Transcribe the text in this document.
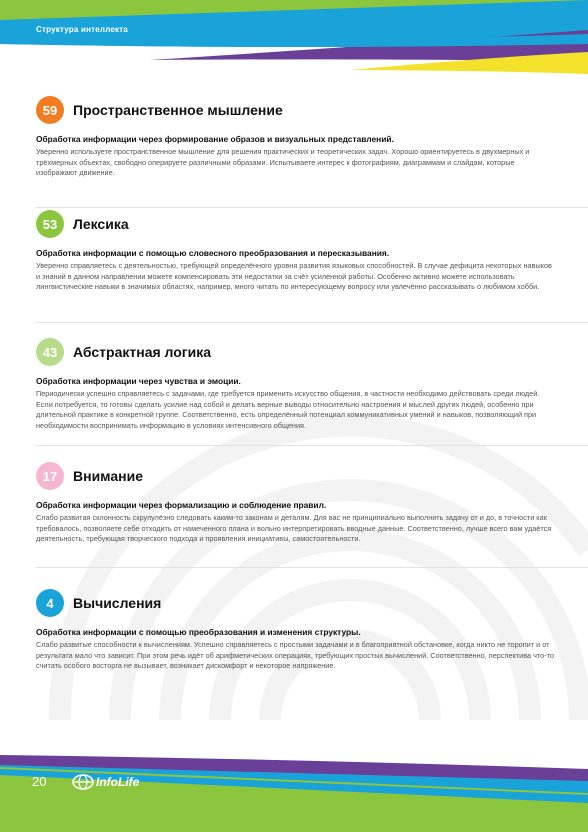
Структура интеллекта
59	Пространственное мышление
Обработка информации через формирование образов и визуальных представлений.
Уверенно используете пространственное мышление для решения практических и теоретических задач. Хорошо ориентируетесь в двухмерных и трёхмерных объектах, свободно оперируете различными образами. Испытываете интерес к фотографиям, диаграммам и слайдам, которые изображают движение.
53	Лексика
Обработка информации с помощью словесного преобразования и пересказывания.
Уверенно справляетесь с деятельностью, требующей определённого уровня развития языковых способностей. В случае дефицита некоторых навыков и знаний в данном направлении можете компенсировать эти недостатки за счёт усиленной работы. Особенно активно можете использовать лингвистические навыки в значимых областях, например, много читать по интересующему вопросу или увлечённо рассказывать о любимом хобби.
43	Абстрактная логика
Обработка информации через чувства и эмоции.
Периодически успешно справляетесь с задачами, где требуется применить искусство общения, в частности необходимо действовать среди людей. Если потребуется, то готовы сделать усилие над собой и делать верные выводы относительно настроения и мыслей других людей, особенно при длительной практике в конкретной группе. Соответственно, есть определённый потенциал коммуникативных умений и навыков, позволяющий при необходимости воспринимать информацию в условиях интенсивного общения.
17	Внимание
Обработка информации через формализацию и соблюдение правил.
Слабо развитая склонность скрупулёзно следовать каким-то законам и деталям. Для вас не принципиально выполнить задачу от и до, в точности как требовалось, позволяете себе отходить от намеченного плана и вольно интерпретировать вводные данные. Соответственно, лучше всего вам удаётся деятельность, требующая творческого подхода и проявления инициативы, самостоятельности.
4	Вычисления
Обработка информации с помощью преобразования и изменения структуры.
Слабо развитые способности к вычислениям. Успешно справляетесь с простыми задачами и в благоприятной обстановке, когда никто не торопит и от результата мало что зависит. При этом речь идёт об арифметических операциях, требующих простых вычислений. Соответственно, перспектива что-то считать особого восторга не вызывает, возникает дискомфорт и некоторое напряжение.
20	InfoLife
